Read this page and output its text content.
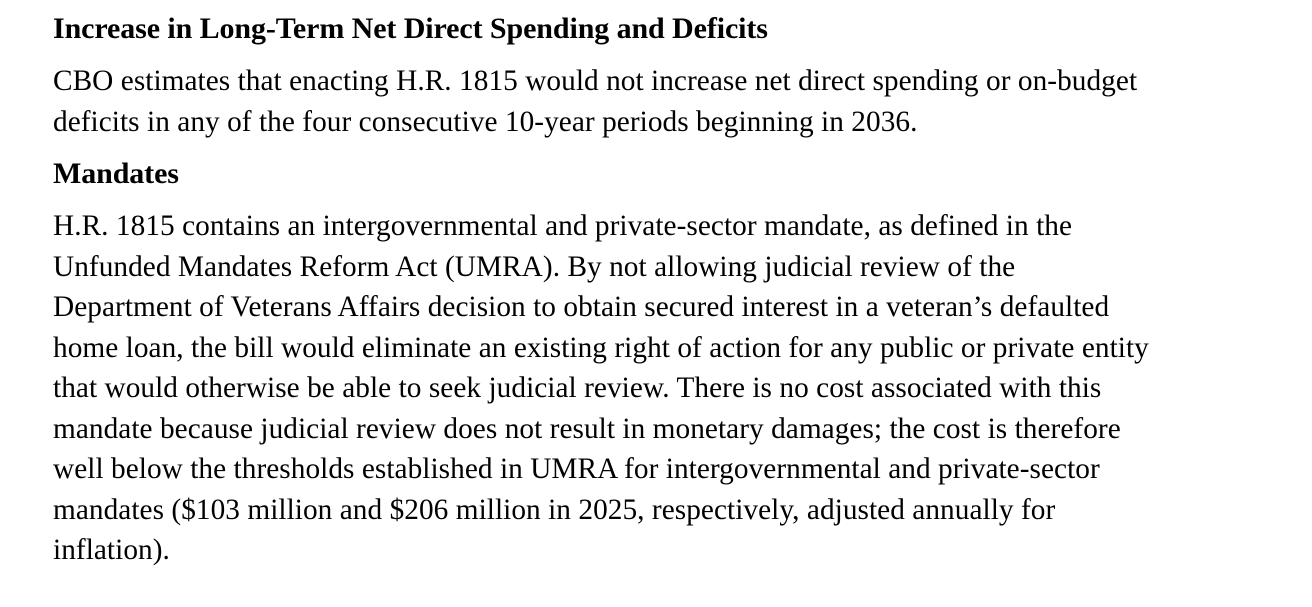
Increase in Long-Term Net Direct Spending and Deficits

CBO estimates that enacting H.R. 1815 would not increase net direct spending or on-budget
deficits in any of the four consecutive 10-year periods beginning in 2036.

Mandates

H.R. 1815 contains an intergovernmental and private-sector mandate, as defined in the
Unfunded Mandates Reform Act (UMRA). By not allowing judicial review of the
Department of Veterans Affairs decision to obtain secured interest in a veteran’s defaulted
home loan, the bill would eliminate an existing right of action for any public or private entity
that would otherwise be able to seek judicial review. There is no cost associated with this
mandate because judicial review does not result in monetary damages; the cost is therefore
well below the thresholds established in UMRA for intergovernmental and private-sector
mandates ($103 million and $206 million in 2025, respectively, adjusted annually for
inflation).
